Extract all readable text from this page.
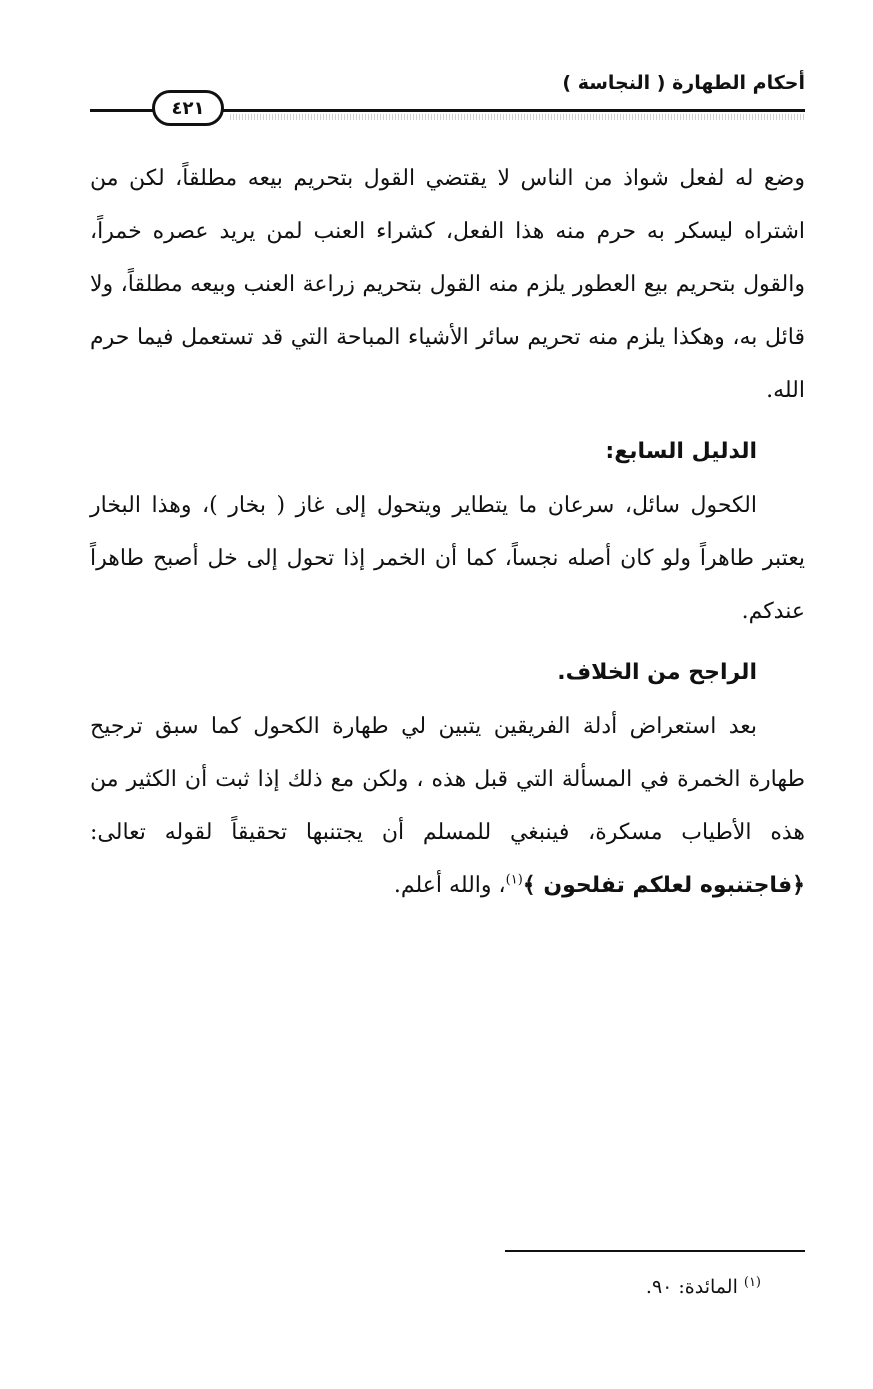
٤٢١
أحكام الطهارة ( النجاسة )

وضع له لفعل شواذ من الناس لا يقتضي القول بتحريم بيعه مطلقاً، لكن من اشتراه ليسكر به حرم منه هذا الفعل، كشراء العنب لمن يريد عصره خمراً، والقول بتحريم بيع العطور يلزم منه القول بتحريم زراعة العنب وبيعه مطلقاً، ولا قائل به، وهكذا يلزم منه تحريم سائر الأشياء المباحة التي قد تستعمل فيما حرم الله.

الدليل السابع:

الكحول سائل، سرعان ما يتطاير ويتحول إلى غاز ( بخار )، وهذا البخار يعتبر طاهراً ولو كان أصله نجساً، كما أن الخمر إذا تحول إلى خل أصبح طاهراً عندكم.

الراجح من الخلاف.

بعد استعراض أدلة الفريقين يتبين لي طهارة الكحول كما سبق ترجيح طهارة الخمرة في المسألة التي قبل هذه ، ولكن مع ذلك إذا ثبت أن الكثير من هذه الأطياب مسكرة، فينبغي للمسلم أن يجتنبها تحقيقاً لقوله تعالى: ﴿فاجتنبوه لعلكم تفلحون ﴾$^{(١)}$، والله أعلم.

$^{(١)}$المائدة: ٩٠.
